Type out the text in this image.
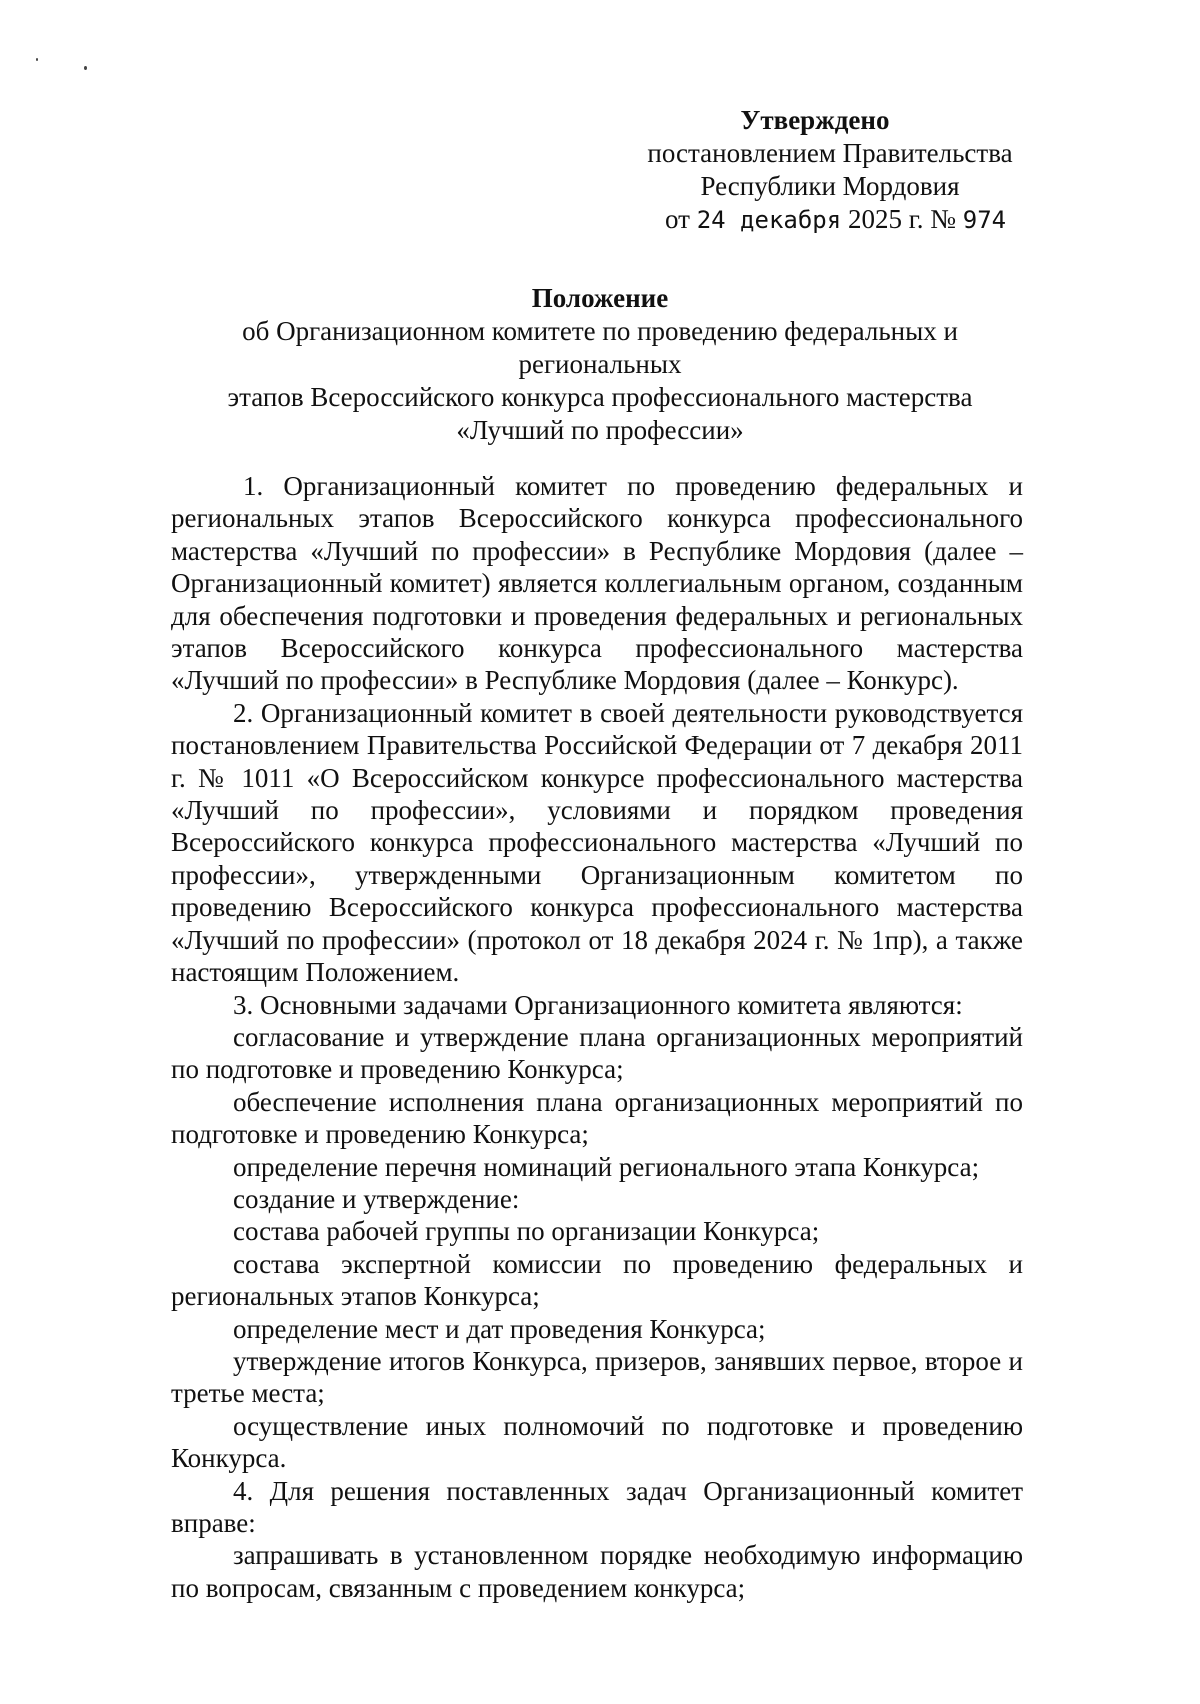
Утверждено
постановлением Правительства
Республики Мордовия
от 24 декабря 2025 г. № 974
Положение
об Организационном комитете по проведению федеральных и региональных
этапов Всероссийского конкурса профессионального мастерства
«Лучший по профессии»

1. Организационный комитет по проведению федеральных и региональных этапов Всероссийского конкурса профессионального мастерства «Лучший по профессии» в Республике Мордовия (далее – Организационный комитет) является коллегиальным органом, созданным для обеспечения подготовки и проведения федеральных и региональных этапов Всероссийского конкурса профессионального мастерства «Лучший по профессии» в Республике Мордовия (далее – Конкурс).

2. Организационный комитет в своей деятельности руководствуется постановлением Правительства Российской Федерации от 7 декабря 2011 г. № 1011 «О Всероссийском конкурсе профессионального мастерства «Лучший по профессии», условиями и порядком проведения Всероссийского конкурса профессионального мастерства «Лучший по профессии», утвержденными Организационным комитетом по проведению Всероссийского конкурса профессионального мастерства «Лучший по профессии» (протокол от 18 декабря 2024 г. № 1пр), а также настоящим Положением.

3. Основными задачами Организационного комитета являются:

согласование и утверждение плана организационных мероприятий по подготовке и проведению Конкурса;

обеспечение исполнения плана организационных мероприятий по подготовке и проведению Конкурса;

определение перечня номинаций регионального этапа Конкурса;

создание и утверждение:

состава рабочей группы по организации Конкурса;

состава экспертной комиссии по проведению федеральных и региональных этапов Конкурса;

определение мест и дат проведения Конкурса;

утверждение итогов Конкурса, призеров, занявших первое, второе и третье места;

осуществление иных полномочий по подготовке и проведению Конкурса.

4. Для решения поставленных задач Организационный комитет вправе:

запрашивать в установленном порядке необходимую информацию по вопросам, связанным с проведением конкурса;
